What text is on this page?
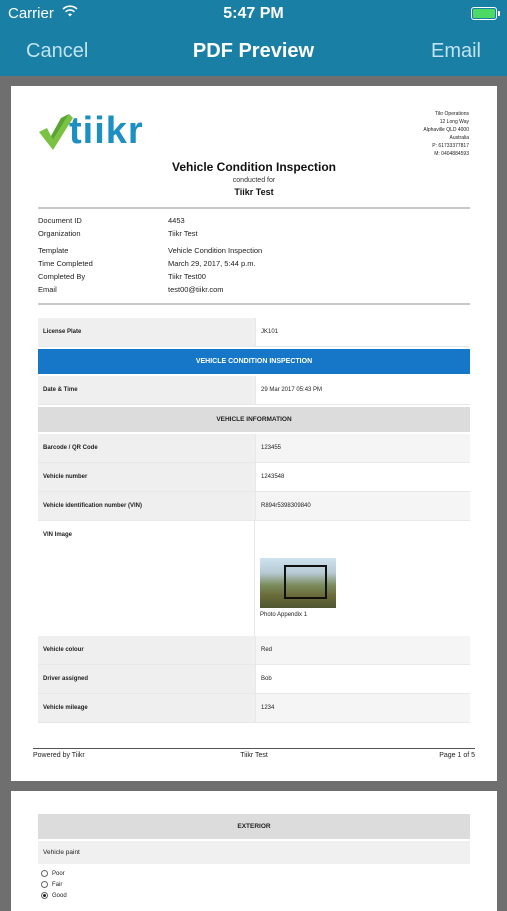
Carrier	5:47 PM
Cancel	PDF Preview	Email
tiikr	Tikr Operations
12 Long Way
Alphaville QLD 4000
Australia
P: 61733377817
M: 0404884593
Vehicle Condition Inspection
conducted for
Tiikr Test
Document ID	4453
Organization	Tiikr Test
Template	Vehicle Condition Inspection
Time Completed	March 29, 2017, 5:44 p.m.
Completed By	Tiikr Test00
Email	test00@tiikr.com
License Plate	JK101
VEHICLE CONDITION INSPECTION
Date & Time	29 Mar 2017 05:43 PM
VEHICLE INFORMATION
Barcode / QR Code	123455
Vehicle number	1243548
Vehicle identification number (VIN)	R894r5398309840
VIN Image
Photo Appendix 1
Vehicle colour	Red
Driver assigned	Bob
Vehicle mileage	1234
Powered by Tiikr	Tiikr Test	Page 1 of 5
EXTERIOR
Vehicle paint
Poor
Fair
Good
